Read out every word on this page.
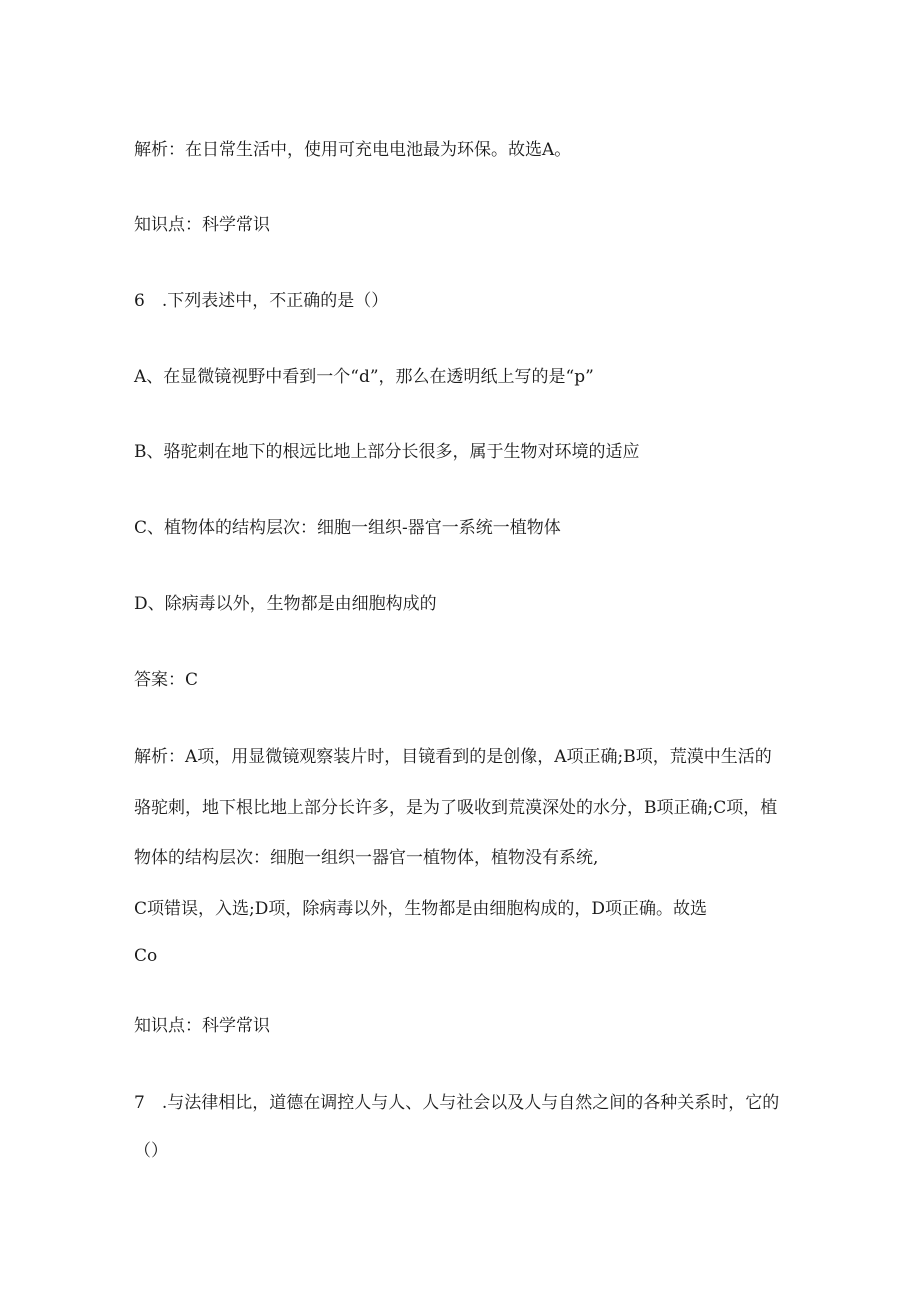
解析：在日常生活中，使用可充电电池最为环保。故选A。
知识点：科学常识
6　.下列表述中，不正确的是（）
A、在显微镜视野中看到一个“d”，那么在透明纸上写的是“p”
B、骆驼刺在地下的根远比地上部分长很多，属于生物对环境的适应
C、植物体的结构层次：细胞一组织-器官一系统一植物体
D、除病毒以外，生物都是由细胞构成的
答案：C
解析：A项，用显微镜观察装片时，目镜看到的是创像，A项正确;B项，荒漠中生活的
骆驼刺，地下根比地上部分长许多，是为了吸收到荒漠深处的水分，B项正确;C项，植
物体的结构层次：细胞一组织一器官一植物体，植物没有系统,
C项错误，入选;D项，除病毒以外，生物都是由细胞构成的，D项正确。故选
Co
知识点：科学常识
7　.与法律相比，道德在调控人与人、人与社会以及人与自然之间的各种关系时，它的
（）
